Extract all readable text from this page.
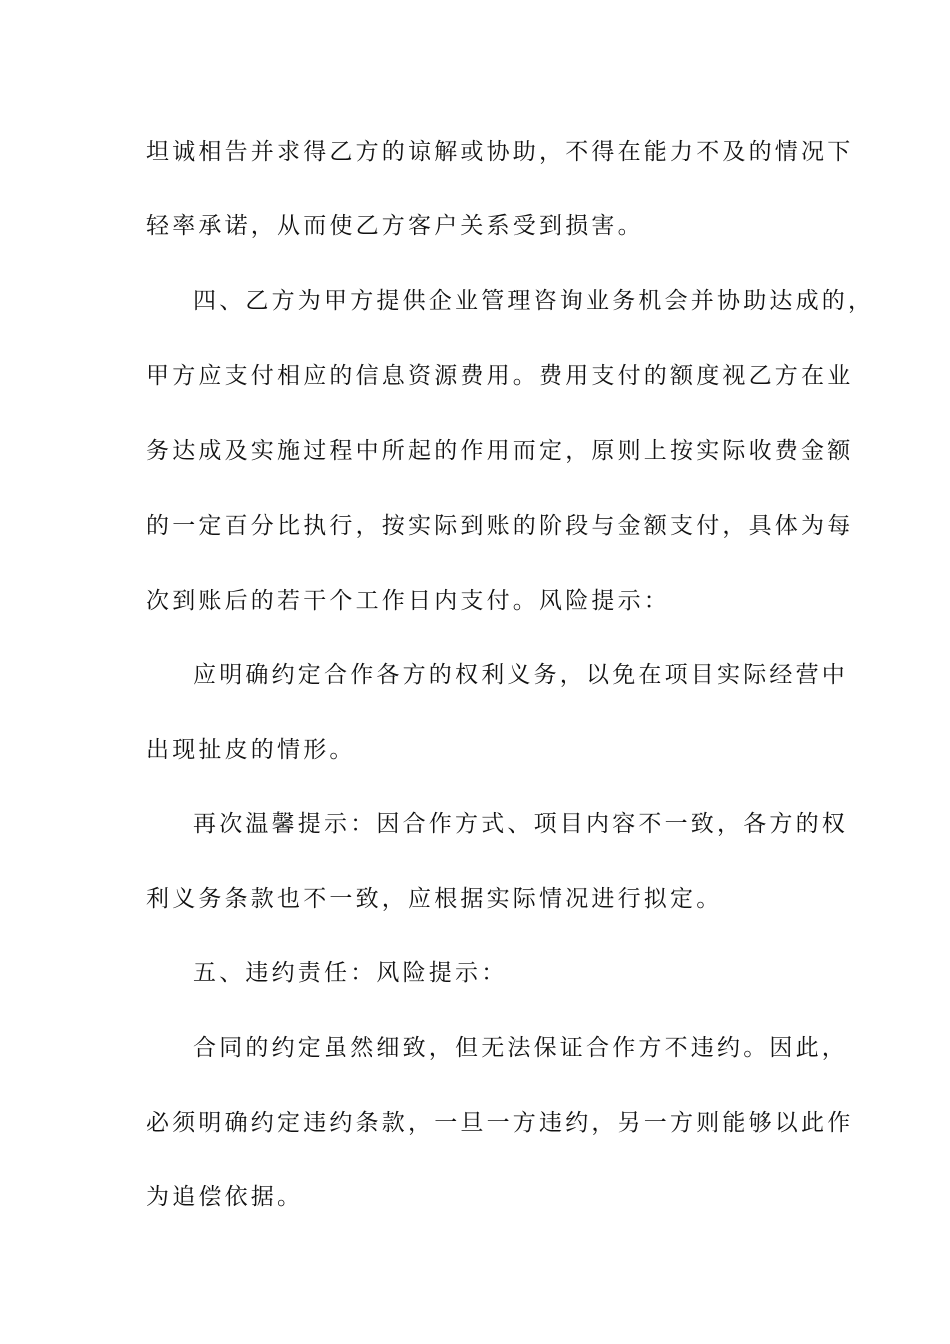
坦诚相告并求得乙方的谅解或协助，不得在能力不及的情况下
轻率承诺，从而使乙方客户关系受到损害。
四、乙方为甲方提供企业管理咨询业务机会并协助达成的，
甲方应支付相应的信息资源费用。费用支付的额度视乙方在业
务达成及实施过程中所起的作用而定，原则上按实际收费金额
的一定百分比执行，按实际到账的阶段与金额支付，具体为每
次到账后的若干个工作日内支付。风险提示：
应明确约定合作各方的权利义务，以免在项目实际经营中
出现扯皮的情形。
再次温馨提示：因合作方式、项目内容不一致，各方的权
利义务条款也不一致，应根据实际情况进行拟定。
五、违约责任：风险提示：
合同的约定虽然细致，但无法保证合作方不违约。因此，
必须明确约定违约条款，一旦一方违约，另一方则能够以此作
为追偿依据。
